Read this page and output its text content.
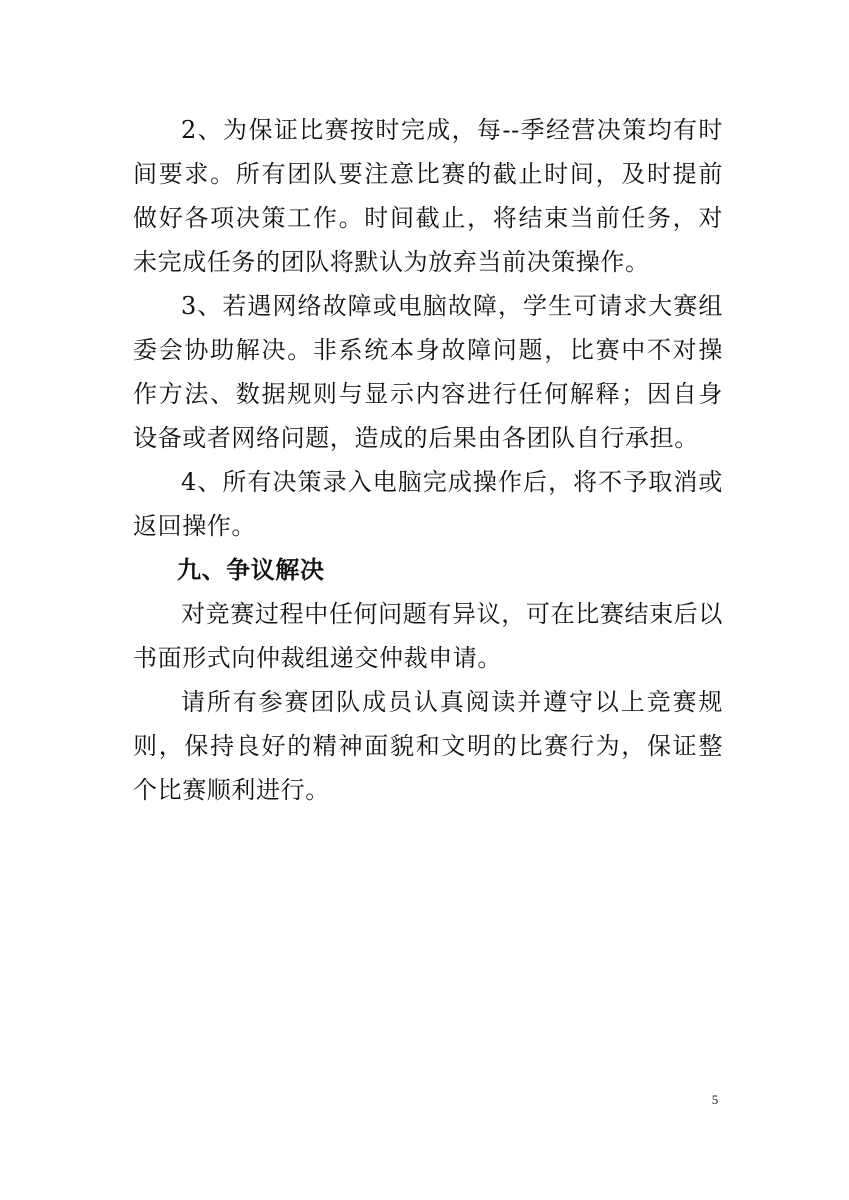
2、为保证比赛按时完成，每--季经营决策均有时间要求。所有团队要注意比赛的截止时间，及时提前做好各项决策工作。时间截止，将结束当前任务，对未完成任务的团队将默认为放弃当前决策操作。

3、若遇网络故障或电脑故障，学生可请求大赛组委会协助解决。非系统本身故障问题，比赛中不对操作方法、数据规则与显示内容进行任何解释；因自身设备或者网络问题，造成的后果由各团队自行承担。

4、所有决策录入电脑完成操作后，将不予取消或返回操作。

九、争议解决

对竞赛过程中任何问题有异议，可在比赛结束后以书面形式向仲裁组递交仲裁申请。

请所有参赛团队成员认真阅读并遵守以上竞赛规则，保持良好的精神面貌和文明的比赛行为，保证整个比赛顺利进行。

5
